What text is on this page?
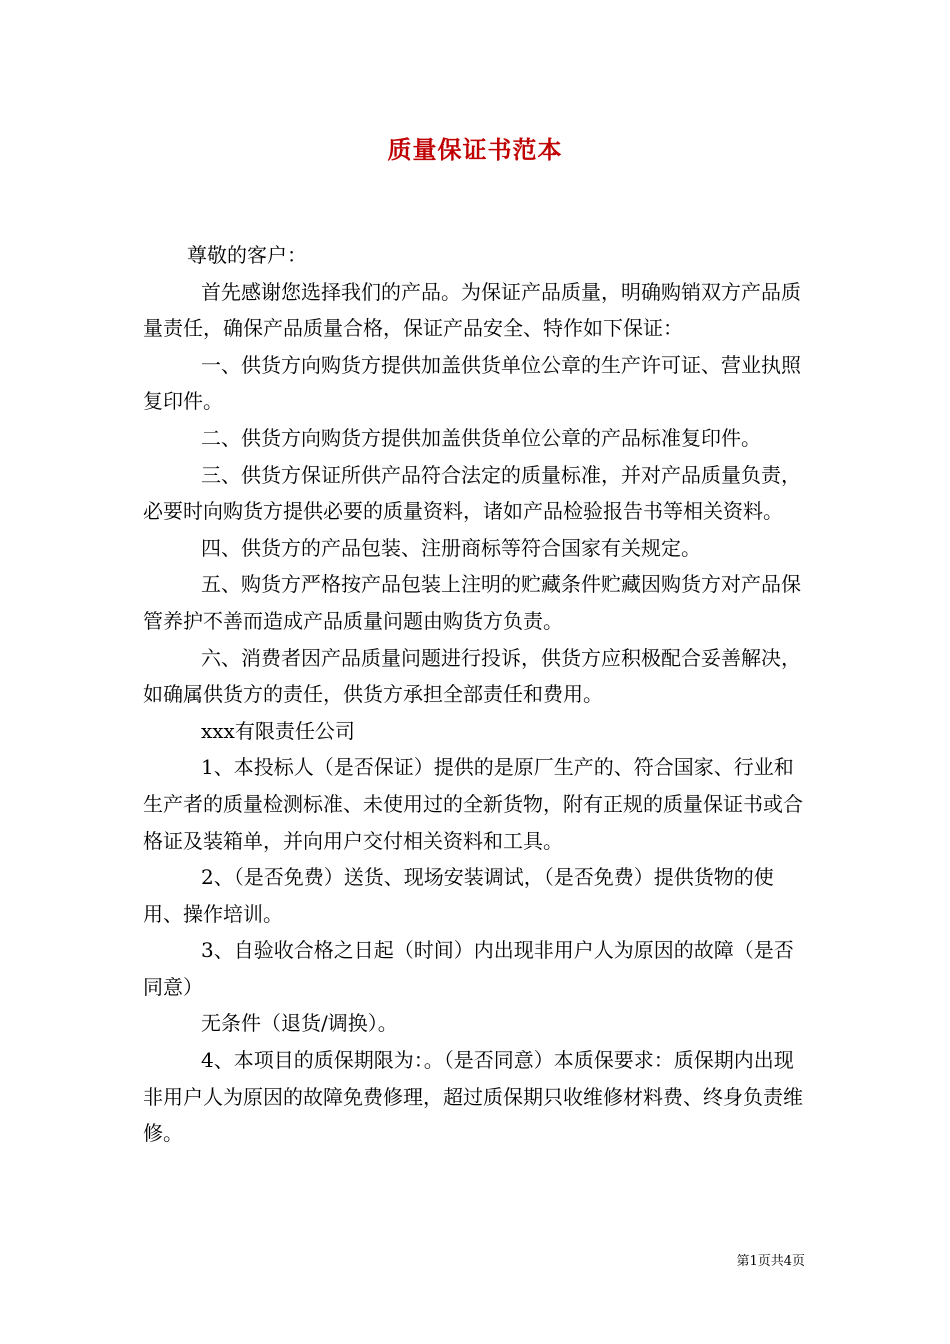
质量保证书范本

尊敬的客户：

首先感谢您选择我们的产品。为保证产品质量，明确购销双方产品质量责任，确保产品质量合格，保证产品安全、特作如下保证：

一、供货方向购货方提供加盖供货单位公章的生产许可证、营业执照复印件。

二、供货方向购货方提供加盖供货单位公章的产品标准复印件。

三、供货方保证所供产品符合法定的质量标准，并对产品质量负责，必要时向购货方提供必要的质量资料，诸如产品检验报告书等相关资料。

四、供货方的产品包装、注册商标等符合国家有关规定。

五、购货方严格按产品包装上注明的贮藏条件贮藏因购货方对产品保管养护不善而造成产品质量问题由购货方负责。

六、消费者因产品质量问题进行投诉，供货方应积极配合妥善解决，如确属供货方的责任，供货方承担全部责任和费用。

xxx有限责任公司

1、本投标人（是否保证）提供的是原厂生产的、符合国家、行业和生产者的质量检测标准、未使用过的全新货物，附有正规的质量保证书或合格证及装箱单，并向用户交付相关资料和工具。

2、（是否免费）送货、现场安装调试，（是否免费）提供货物的使用、操作培训。

3、自验收合格之日起（时间）内出现非用户人为原因的故障（是否同意）

无条件（退货/调换）。

4、本项目的质保期限为：。（是否同意）本质保要求：质保期内出现非用户人为原因的故障免费修理，超过质保期只收维修材料费、终身负责维修。

第1页共4页
